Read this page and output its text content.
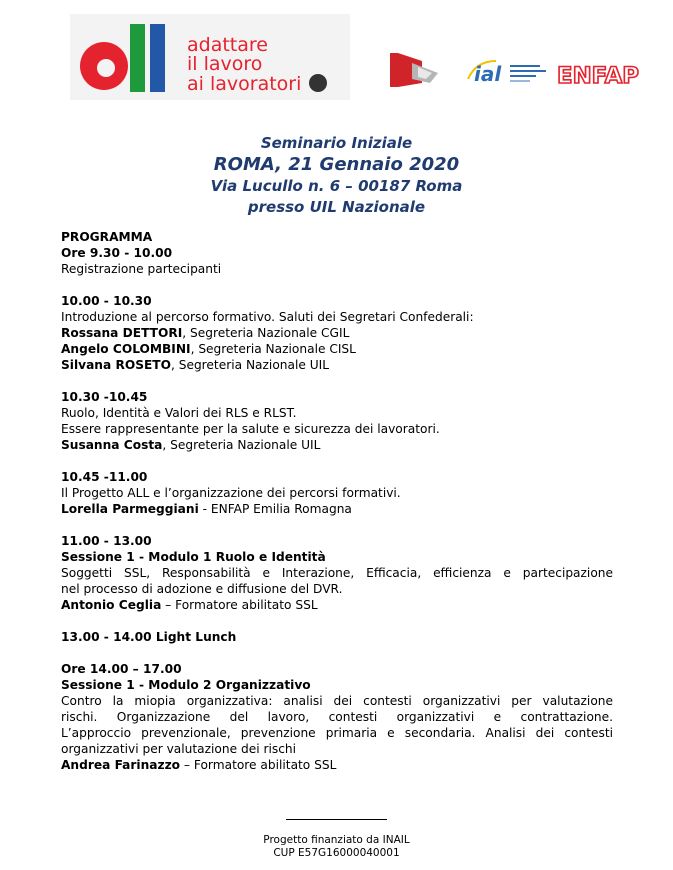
adattare
il lavoro
ai lavoratori	ial	ENFAP
Seminario Iniziale
ROMA, 21 Gennaio 2020
Via Lucullo n. 6 – 00187 Roma
presso UIL Nazionale
PROGRAMMA
Ore 9.30 - 10.00
Registrazione partecipanti
10.00 - 10.30
Introduzione al percorso formativo. Saluti dei Segretari Confederali:
Rossana DETTORI, Segreteria Nazionale CGIL
Angelo COLOMBINI, Segreteria Nazionale CISL
Silvana ROSETO, Segreteria Nazionale UIL
10.30 -10.45
Ruolo, Identità e Valori dei RLS e RLST.
Essere rappresentante per la salute e sicurezza dei lavoratori.
Susanna Costa, Segreteria Nazionale UIL
10.45 -11.00
Il Progetto ALL e l’organizzazione dei percorsi formativi.
Lorella Parmeggiani - ENFAP Emilia Romagna
11.00 - 13.00
Sessione 1 - Modulo 1 Ruolo e Identità
Soggetti SSL, Responsabilità e Interazione, Efficacia, efficienza e partecipazione
nel processo di adozione e diffusione del DVR.
Antonio Ceglia – Formatore abilitato SSL
13.00 - 14.00 Light Lunch
Ore 14.00 – 17.00
Sessione 1 - Modulo 2 Organizzativo
Contro la miopia organizzativa: analisi dei contesti organizzativi per valutazione
rischi. Organizzazione del lavoro, contesti organizzativi e contrattazione.
L’approccio prevenzionale, prevenzione primaria e secondaria. Analisi dei contesti
organizzativi per valutazione dei rischi
Andrea Farinazzo – Formatore abilitato SSL
Progetto finanziato da INAIL
CUP E57G16000040001
